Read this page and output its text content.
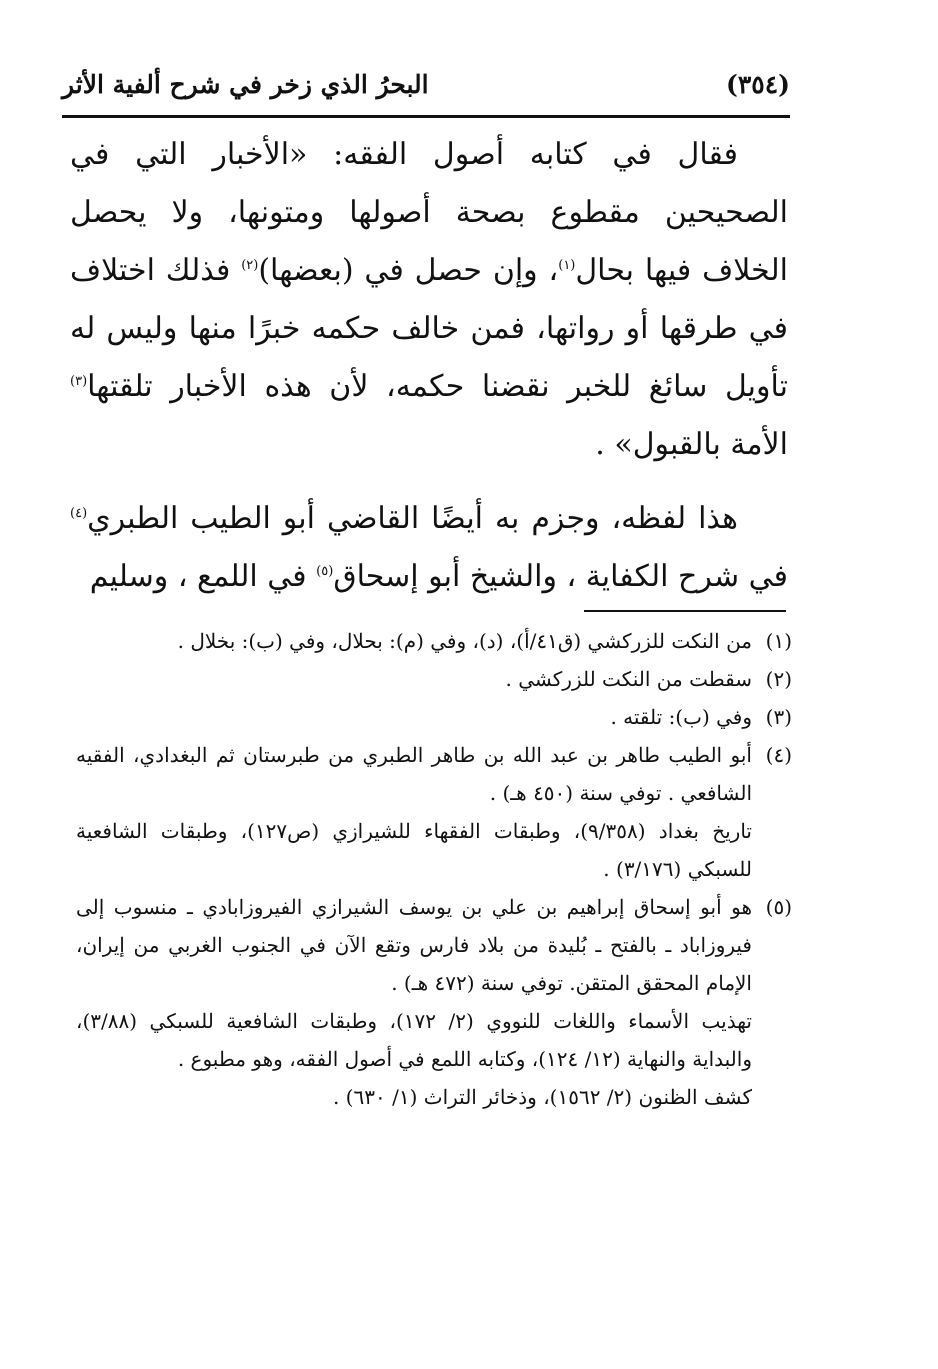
(٣٥٤)
البحرُ الذي زخر في شرح ألفية الأثر

فقال في كتابه أصول الفقه: «الأخبار التي في الصحيحين مقطوع بصحة أصولها ومتونها، ولا يحصل الخلاف فيها بحال$^{(١)}$، وإن حصل في (بعضها)$^{(٢)}$ فذلك اختلاف في طرقها أو رواتها، فمن خالف حكمه خبرًا منها وليس له تأويل سائغ للخبر نقضنا حكمه، لأن هذه الأخبار تلقتها$^{(٣)}$ الأمة بالقبول» .

هذا لفظه، وجزم به أيضًا القاضي أبو الطيب الطبري$^{(٤)}$ في شرح الكفاية ، والشيخ أبو إسحاق$^{(٥)}$ في اللمع ، وسليم

(١)
من النكت للزركشي (ق٤١/أ)، (د)، وفي (م): بحلال، وفي (ب): بخلال .
(٢)
سقطت من النكت للزركشي .
(٣)
وفي (ب): تلقته .
(٤)
أبو الطيب طاهر بن عبد الله بن طاهر الطبري من طبرستان ثم البغدادي، الفقيه الشافعي . توفي سنة (٤٥٠ هـ) .
تاريخ بغداد (٩/٣٥٨)، وطبقات الفقهاء للشيرازي (ص١٢٧)، وطبقات الشافعية للسبكي (٣/١٧٦) .
(٥)
هو أبو إسحاق إبراهيم بن علي بن يوسف الشيرازي الفيروزابادي ـ منسوب إلى فيروزاباد ـ بالفتح ـ بُليدة من بلاد فارس وتقع الآن في الجنوب الغربي من إيران، الإمام المحقق المتقن. توفي سنة (٤٧٢ هـ) .
تهذيب الأسماء واللغات للنووي (٢/ ١٧٢)، وطبقات الشافعية للسبكي (٣/٨٨)، والبداية والنهاية (١٢/ ١٢٤)، وكتابه اللمع في أصول الفقه، وهو مطبوع .
كشف الظنون (٢/ ١٥٦٢)، وذخائر التراث (١/ ٦٣٠) .
